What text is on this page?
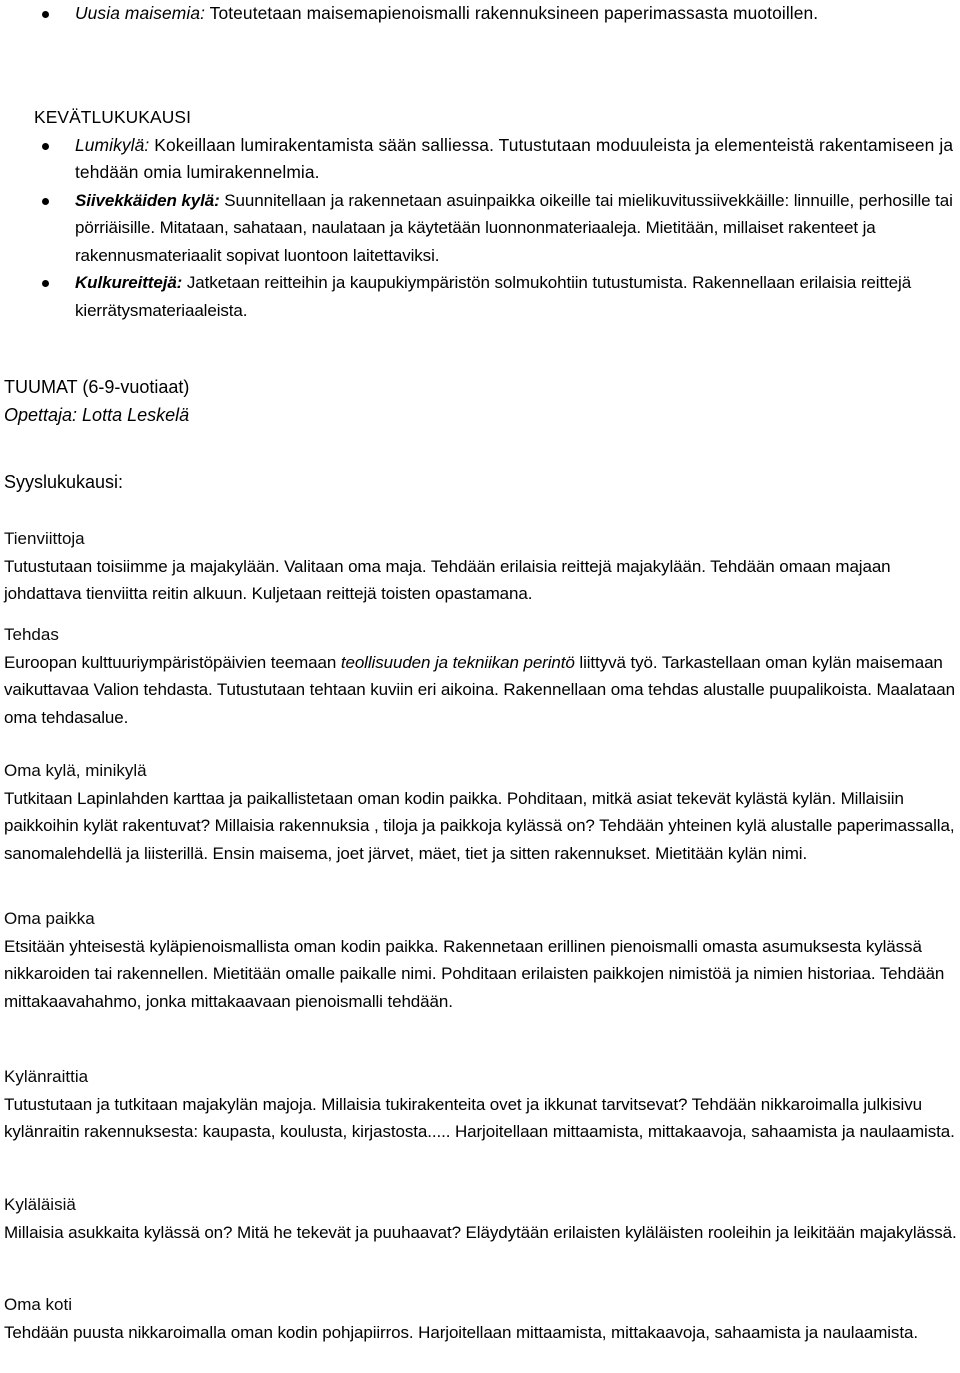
Uusia maisemia: Toteutetaan maisemapienoismalli rakennuksineen paperimassasta muotoillen.

KEVÄTLUKUKAUSI

Lumikylä: Kokeillaan lumirakentamista sään salliessa. Tutustutaan moduuleista ja elementeistä rakentamiseen ja tehdään omia lumirakennelmia.
Siivekkäiden kylä: Suunnitellaan ja rakennetaan asuinpaikka oikeille tai mielikuvitussiivekkäille: linnuille, perhosille tai pörriäisille. Mitataan, sahataan, naulataan ja käytetään luonnonmateriaaleja. Mietitään, millaiset rakenteet ja rakennusmateriaalit sopivat luontoon laitettaviksi.
Kulkureittejä: Jatketaan reitteihin ja kaupukiympäristön solmukohtiin tutustumista. Rakennellaan erilaisia reittejä kierrätysmateriaaleista.

TUUMAT (6-9-vuotiaat)

Opettaja: Lotta Leskelä

Syyslukukausi:

Tienviittoja

Tutustutaan toisiimme ja majakylään. Valitaan oma maja. Tehdään erilaisia reittejä majakylään. Tehdään omaan majaan johdattava tienviitta reitin alkuun. Kuljetaan reittejä toisten opastamana.

Tehdas

Euroopan kulttuuriympäristöpäivien teemaan teollisuuden ja tekniikan perintö liittyvä työ. Tarkastellaan oman kylän maisemaan vaikuttavaa Valion tehdasta. Tutustutaan tehtaan kuviin eri aikoina. Rakennellaan oma tehdas alustalle puupalikoista. Maalataan oma tehdasalue.

Oma kylä, minikylä

Tutkitaan Lapinlahden karttaa ja paikallistetaan oman kodin paikka. Pohditaan, mitkä asiat tekevät kylästä kylän. Millaisiin paikkoihin kylät rakentuvat? Millaisia rakennuksia , tiloja ja paikkoja kylässä on? Tehdään yhteinen kylä alustalle paperimassalla, sanomalehdellä ja liisterillä. Ensin maisema, joet järvet, mäet, tiet ja sitten rakennukset. Mietitään kylän nimi.

Oma paikka

Etsitään yhteisestä kyläpienoismallista oman kodin paikka. Rakennetaan erillinen pienoismalli omasta asumuksesta kylässä nikkaroiden tai rakennellen. Mietitään omalle paikalle nimi. Pohditaan erilaisten paikkojen nimistöä ja nimien historiaa. Tehdään mittakaavahahmo, jonka mittakaavaan pienoismalli tehdään.

Kylänraittia

Tutustutaan ja tutkitaan majakylän majoja. Millaisia tukirakenteita ovet ja ikkunat tarvitsevat? Tehdään nikkaroimalla julkisivu kylänraitin rakennuksesta: kaupasta, koulusta, kirjastosta..... Harjoitellaan mittaamista, mittakaavoja, sahaamista ja naulaamista.

Kyläläisiä

Millaisia asukkaita kylässä on? Mitä he tekevät ja puuhaavat? Eläydytään erilaisten kyläläisten rooleihin ja leikitään majakylässä.

Oma koti

Tehdään puusta nikkaroimalla oman kodin pohjapiirros. Harjoitellaan mittaamista, mittakaavoja, sahaamista ja naulaamista.
